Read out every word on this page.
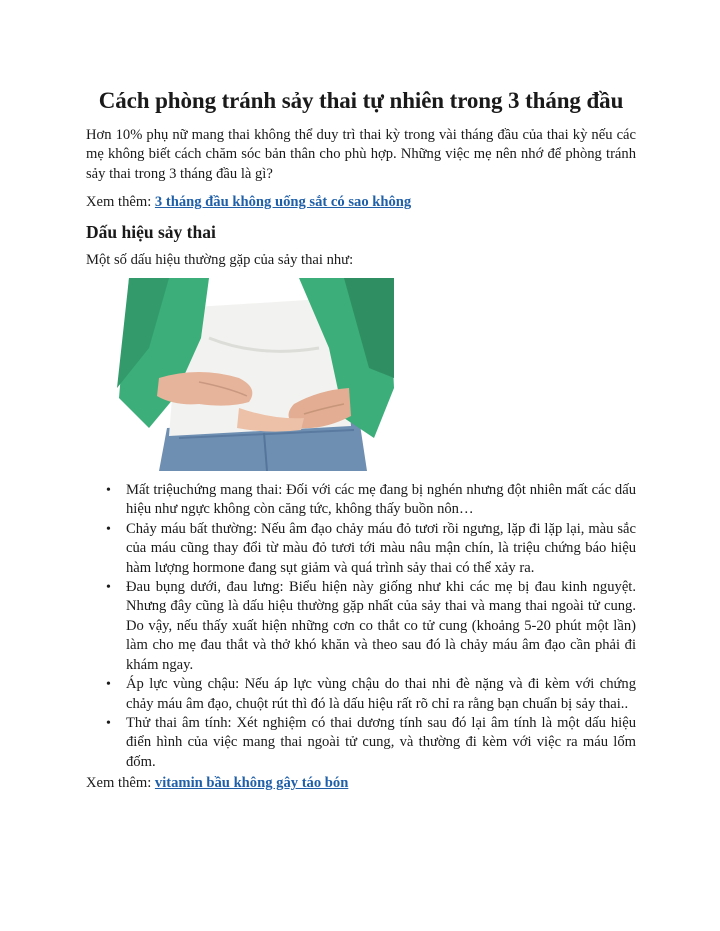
Cách phòng tránh sảy thai tự nhiên trong 3 tháng đầu

Hơn 10% phụ nữ mang thai không thể duy trì thai kỳ trong vài tháng đầu của thai kỳ nếu các mẹ không biết cách chăm sóc bản thân cho phù hợp. Những việc mẹ nên nhớ để phòng tránh sảy thai trong 3 tháng đầu là gì?

Xem thêm: 3 tháng đầu không uống sắt có sao không

Dấu hiệu sảy thai

Một số dấu hiệu thường gặp của sảy thai như:

• Mất triệuchứng mang thai: Đối với các mẹ đang bị nghén nhưng đột nhiên mất các dấu hiệu như ngực không còn căng tức, không thấy buồn nôn…
• Chảy máu bất thường: Nếu âm đạo chảy máu đỏ tươi rồi ngưng, lặp đi lặp lại, màu sắc của máu cũng thay đổi từ màu đỏ tươi tới màu nâu mận chín, là triệu chứng báo hiệu hàm lượng hormone đang sụt giảm và quá trình sảy thai có thể xảy ra.
• Đau bụng dưới, đau lưng: Biểu hiện này giống như khi các mẹ bị đau kinh nguyệt. Nhưng đây cũng là dấu hiệu thường gặp nhất của sảy thai và mang thai ngoài tử cung. Do vậy, nếu thấy xuất hiện những cơn co thắt co tử cung (khoảng 5-20 phút một lần) làm cho mẹ đau thắt và thở khó khăn và theo sau đó là chảy máu âm đạo cần phải đi khám ngay.
• Áp lực vùng chậu: Nếu áp lực vùng chậu do thai nhi đè nặng và đi kèm với chứng chảy máu âm đạo, chuột rút thì đó là dấu hiệu rất rõ chỉ ra rằng bạn chuẩn bị sảy thai..
• Thử thai âm tính: Xét nghiệm có thai dương tính sau đó lại âm tính là một dấu hiệu điển hình của việc mang thai ngoài tử cung, và thường đi kèm với việc ra máu lốm đốm.

Xem thêm: vitamin bầu không gây táo bón
